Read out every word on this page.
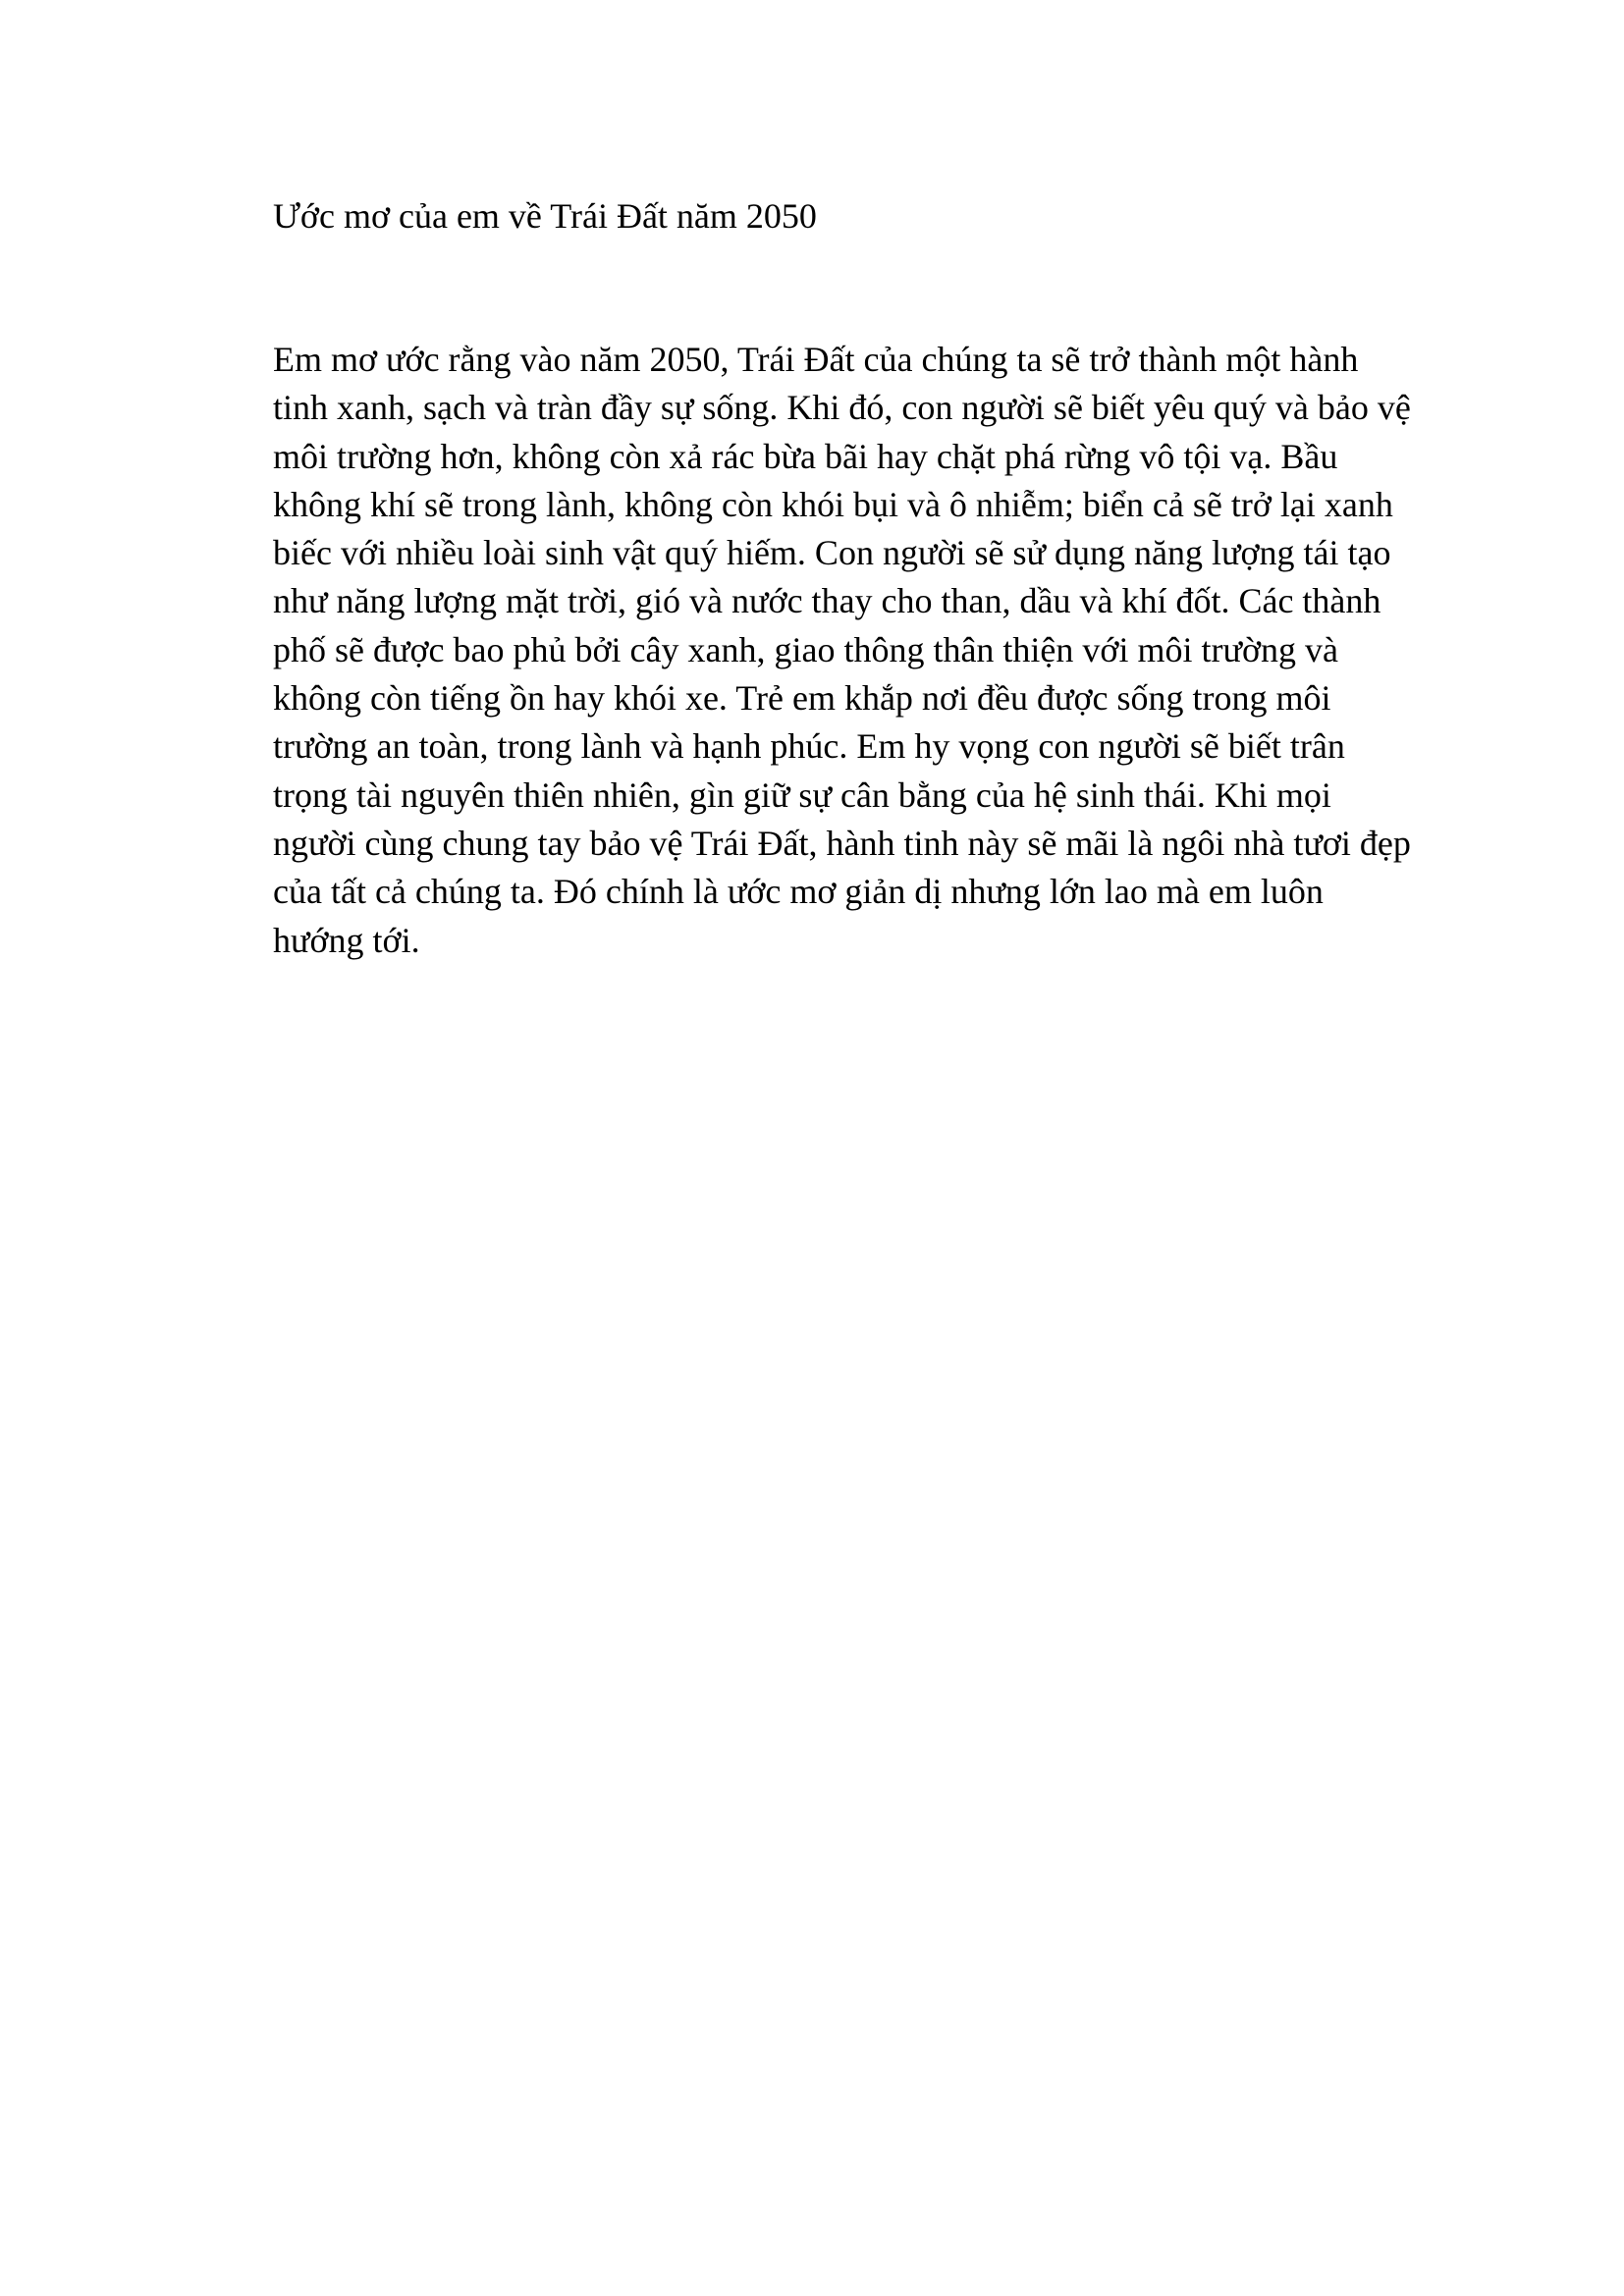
Ước mơ của em về Trái Đất năm 2050

Em mơ ước rằng vào năm 2050, Trái Đất của chúng ta sẽ trở thành một hành
tinh xanh, sạch và tràn đầy sự sống. Khi đó, con người sẽ biết yêu quý và bảo vệ
môi trường hơn, không còn xả rác bừa bãi hay chặt phá rừng vô tội vạ. Bầu
không khí sẽ trong lành, không còn khói bụi và ô nhiễm; biển cả sẽ trở lại xanh
biếc với nhiều loài sinh vật quý hiếm. Con người sẽ sử dụng năng lượng tái tạo
như năng lượng mặt trời, gió và nước thay cho than, dầu và khí đốt. Các thành
phố sẽ được bao phủ bởi cây xanh, giao thông thân thiện với môi trường và
không còn tiếng ồn hay khói xe. Trẻ em khắp nơi đều được sống trong môi
trường an toàn, trong lành và hạnh phúc. Em hy vọng con người sẽ biết trân
trọng tài nguyên thiên nhiên, gìn giữ sự cân bằng của hệ sinh thái. Khi mọi
người cùng chung tay bảo vệ Trái Đất, hành tinh này sẽ mãi là ngôi nhà tươi đẹp
của tất cả chúng ta. Đó chính là ước mơ giản dị nhưng lớn lao mà em luôn
hướng tới.
